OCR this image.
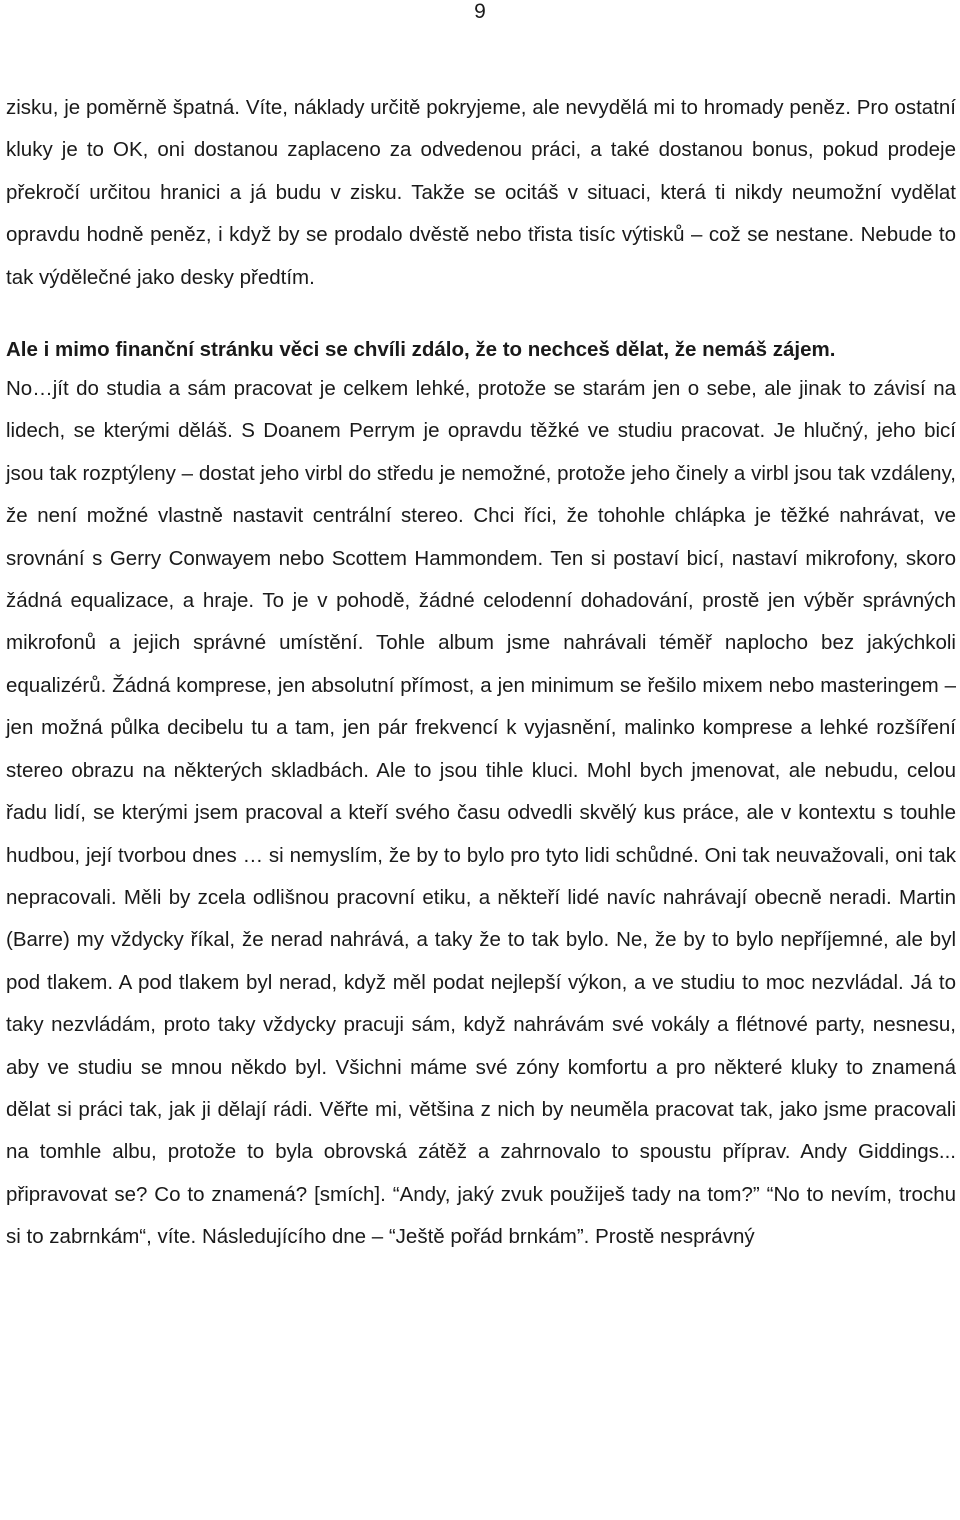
9

zisku, je poměrně špatná. Víte, náklady určitě pokryjeme, ale nevydělá mi to hromady peněz. Pro ostatní kluky je to OK, oni dostanou zaplaceno za odvedenou práci, a také dostanou bonus, pokud prodeje překročí určitou hranici a já budu v zisku. Takže se ocitáš v situaci, která ti nikdy neumožní vydělat opravdu hodně peněz, i když by se prodalo dvěstě nebo třista tisíc výtisků – což se nestane. Nebude to tak výdělečné jako desky předtím.

Ale i mimo finanční stránku věci se chvíli zdálo, že to nechceš dělat, že nemáš zájem.

No…jít do studia a sám pracovat je celkem lehké, protože se starám jen o sebe, ale jinak to závisí na lidech, se kterými děláš. S Doanem Perrym je opravdu těžké ve studiu pracovat. Je hlučný, jeho bicí jsou tak rozptýleny – dostat jeho virbl do středu je nemožné, protože jeho činely a virbl jsou tak vzdáleny, že není možné vlastně nastavit centrální stereo. Chci říci, že tohohle chlápka je těžké nahrávat, ve srovnání s Gerry Conwayem nebo Scottem Hammondem. Ten si postaví bicí, nastaví mikrofony, skoro žádná equalizace, a hraje. To je v pohodě, žádné celodenní dohadování, prostě jen výběr správných mikrofonů a jejich správné umístění. Tohle album jsme nahrávali téměř naplocho bez jakýchkoli equalizérů. Žádná komprese, jen absolutní přímost, a jen minimum se řešilo mixem nebo masteringem – jen možná půlka decibelu tu a tam, jen pár frekvencí k vyjasnění, malinko komprese a lehké rozšíření stereo obrazu na některých skladbách. Ale to jsou tihle kluci. Mohl bych jmenovat, ale nebudu, celou řadu lidí, se kterými jsem pracoval a kteří svého času odvedli skvělý kus práce, ale v kontextu s touhle hudbou, její tvorbou dnes … si nemyslím, že by to bylo pro tyto lidi schůdné. Oni tak neuvažovali, oni tak nepracovali. Měli by zcela odlišnou pracovní etiku, a někteří lidé navíc nahrávají obecně neradi. Martin (Barre) my vždycky říkal, že nerad nahrává, a taky že to tak bylo. Ne, že by to bylo nepříjemné, ale byl pod tlakem. A pod tlakem byl nerad, když měl podat nejlepší výkon, a ve studiu to moc nezvládal. Já to taky nezvládám, proto taky vždycky pracuji sám, když nahrávám své vokály a flétnové party, nesnesu, aby ve studiu se mnou někdo byl. Všichni máme své zóny komfortu a pro některé kluky to znamená dělat si práci tak, jak ji dělají rádi. Věřte mi, většina z nich by neuměla pracovat tak, jako jsme pracovali na tomhle albu, protože to byla obrovská zátěž a zahrnovalo to spoustu příprav. Andy Giddings... připravovat se? Co to znamená? [smích]. “Andy, jaký zvuk použiješ tady na tom?” “No to nevím, trochu si to zabrnkám“, víte. Následujícího dne – “Ještě pořád brnkám”. Prostě nesprávný
